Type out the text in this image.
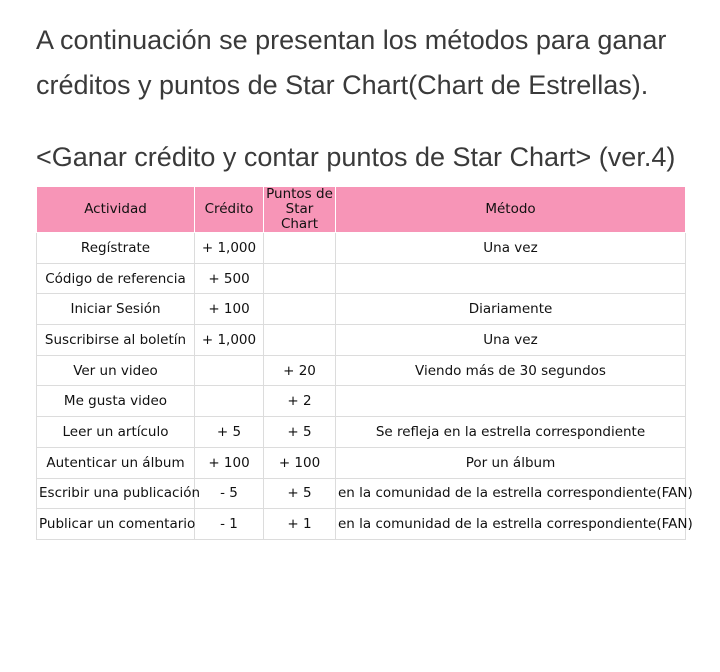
A continuación se presentan los métodos para ganar créditos y puntos de Star Chart(Chart de Estrellas).

<Ganar crédito y contar puntos de Star Chart> (ver.4)

Actividad	Crédito	Puntos de Star Chart	Método
Regístrate	+ 1,000		Una vez
Código de referencia	+ 500		
Iniciar Sesión	+ 100		Diariamente
Suscribirse al boletín	+ 1,000		Una vez
Ver un video		+ 20	Viendo más de 30 segundos
Me gusta video		+ 2	
Leer un artículo	+ 5	+ 5	Se refleja en la estrella correspondiente
Autenticar un álbum	+ 100	+ 100	Por un álbum
Escribir una publicación	- 5	+ 5	en la comunidad de la estrella correspondiente(FAN)
Publicar un comentario	- 1	+ 1	en la comunidad de la estrella correspondiente(FAN)
